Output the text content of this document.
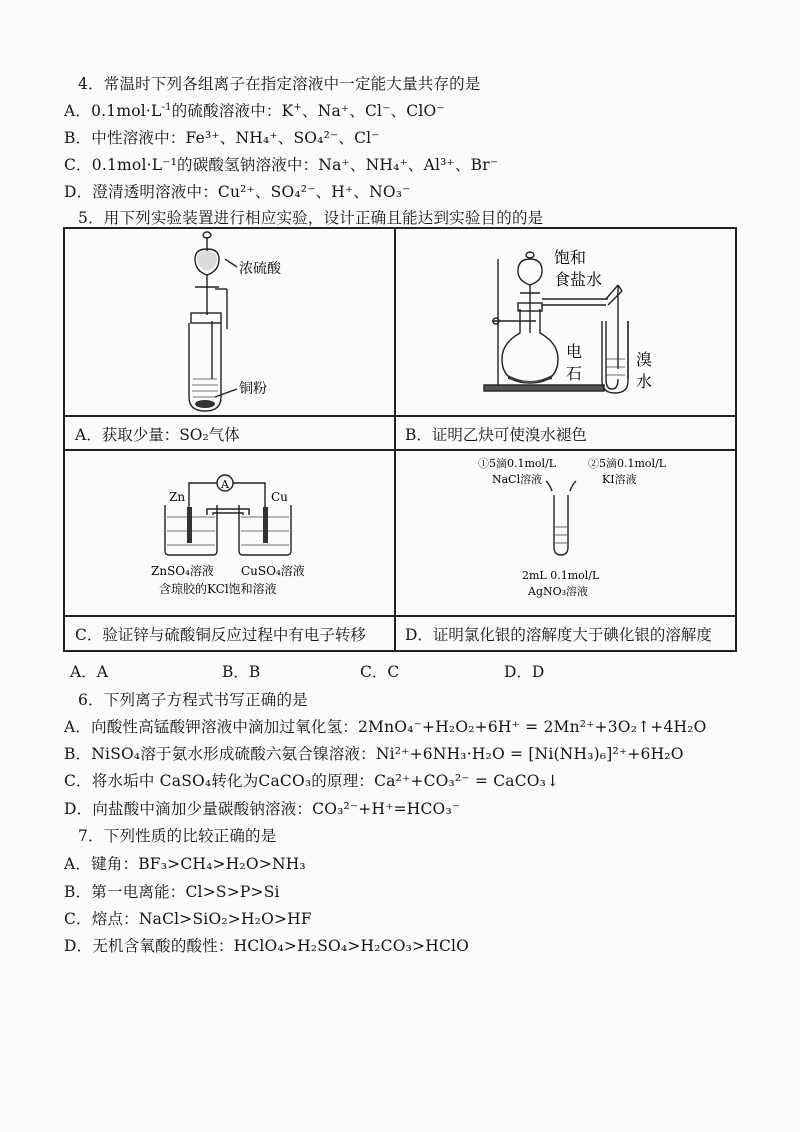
4．常温时下列各组离子在指定溶液中一定能大量共存的是
A．$0.1mol\cdot L^{-1}$的硫酸溶液中：K+、Na⁺、Cl⁻、ClO⁻
B．中性溶液中：Fe³⁺、NH₄⁺、SO₄²⁻、Cl⁻
C．0.1mol·L⁻¹的碳酸氢钠溶液中：Na⁺、NH₄⁺、Al³⁺、Br⁻
D．澄清透明溶液中：Cu²⁺、SO₄²⁻、H⁺、NO₃⁻
5．用下列实验装置进行相应实验，设计正确且能达到实验目的的是
浓硫酸
铜粉
饱和
食盐水
电
石
溴
水
A．获取少量：SO₂气体	B．证明乙炔可使溴水褪色
A
Zn	Cu
ZnSO₄溶液 CuSO₄溶液
含琼胶的KCl饱和溶液
①5滴0.1mol/L
NaCl溶液
②5滴0.1mol/L
KI溶液
2mL 0.1mol/L
AgNO₃溶液
C．验证锌与硫酸铜反应过程中有电子转移	D．证明氯化银的溶解度大于碘化银的溶解度
A．A	B．B	C．C	D．D
6．下列离子方程式书写正确的是
A．向酸性高锰酸钾溶液中滴加过氧化氢：2MnO₄⁻+H₂O₂+6H⁺ = 2Mn²⁺+3O₂↑+4H₂O
B．NiSO₄溶于氨水形成硫酸六氨合镍溶液：Ni²⁺+6NH₃·H₂O = [Ni(NH₃)₆]²⁺+6H₂O
C．将水垢中 CaSO₄转化为CaCO₃的原理：Ca²⁺+CO₃²⁻ = CaCO₃↓
D．向盐酸中滴加少量碳酸钠溶液：CO₃²⁻+H⁺=HCO₃⁻
7．下列性质的比较正确的是
A．键角：BF₃>CH₄>H₂O>NH₃
B．第一电离能：Cl>S>P>Si
C．熔点：NaCl>SiO₂>H₂O>HF
D．无机含氧酸的酸性：HClO₄>H₂SO₄>H₂CO₃>HClO
